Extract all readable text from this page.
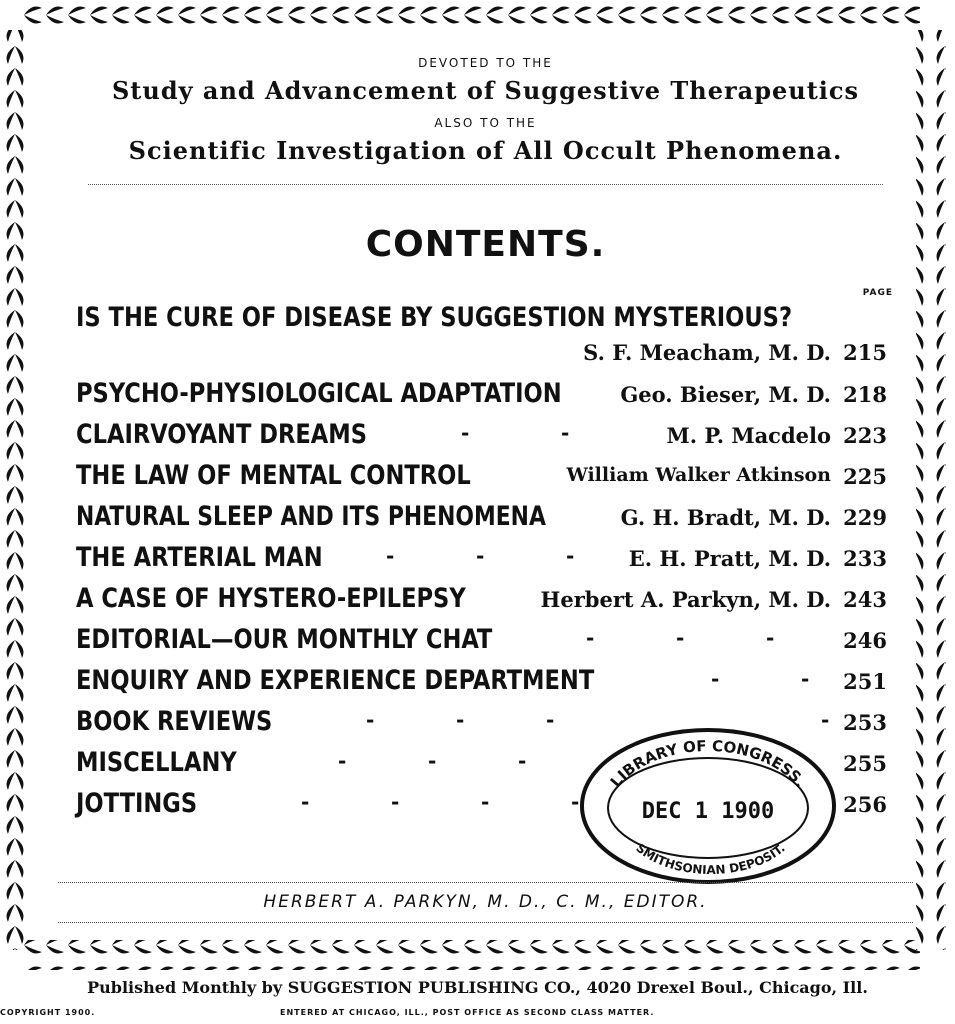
DEVOTED TO THE
Study and Advancement of Suggestive Therapeutics
ALSO TO THE
Scientific Investigation of All Occult Phenomena.
CONTENTS.
PAGE
IS THE CURE OF DISEASE BY SUGGESTION MYSTERIOUS?
S. F. Meacham, M. D. 215
PSYCHO-PHYSIOLOGICAL ADAPTATION	Geo. Bieser, M. D. 218
CLAIRVOYANT DREAMS	-	-	M. P. Macdelo 223
THE LAW OF MENTAL CONTROL	William Walker Atkinson 225
NATURAL SLEEP AND ITS PHENOMENA	G. H. Bradt, M. D. 229
THE ARTERIAL MAN	-	-	-	E. H. Pratt, M. D. 233
A CASE OF HYSTERO-EPILEPSY	Herbert A. Parkyn, M. D. 243
EDITORIAL—OUR MONTHLY CHAT	-	-	-	246
ENQUIRY AND EXPERIENCE DEPARTMENT	-	- 251
BOOK REVIEWS	-	-	-	- 253
MISCELLANY	-	-	-	255
JOTTINGS	-	-	-	-	256
LIBRARY OF CONGRESS.
DEC 1 1900
SMITHSONIAN DEPOSIT.
HERBERT A. PARKYN, M. D., C. M., EDITOR.
Published Monthly by SUGGESTION PUBLISHING CO., 4020 Drexel Boul., Chicago, Ill.
COPYRIGHT 1900.	ENTERED AT CHICAGO, ILL., POST OFFICE AS SECOND CLASS MATTER.
